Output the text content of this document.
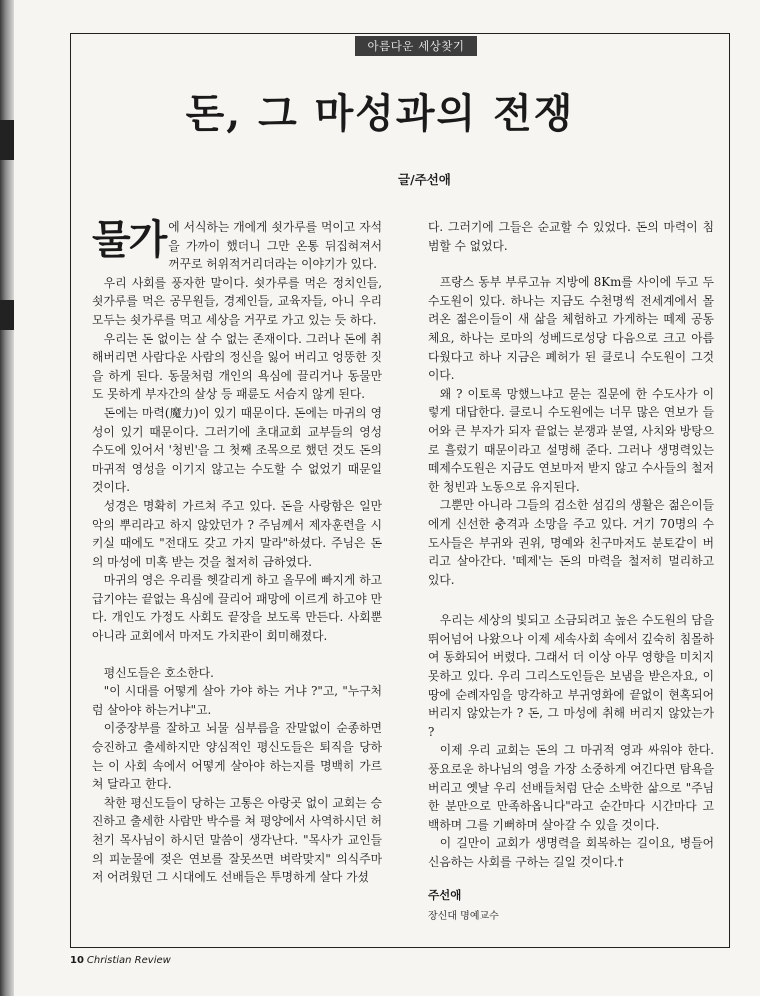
아름다운 세상찾기
돈, 그 마성과의 전쟁
글/주선애

물가 에 서식하는 개에게 쇳가루를 먹이고 자석을 가까이 했더니 그만 온통 뒤집혀져서 꺼꾸로 허위적거리더라는 이야기가 있다.

우리 사회를 풍자한 말이다. 쇳가루를 먹은 정치인들, 쇳가루를 먹은 공무원들, 경제인들, 교육자들, 아니 우리 모두는 쇳가루를 먹고 세상을 거꾸로 가고 있는 듯 하다.

우리는 돈 없이는 살 수 없는 존재이다. 그러나 돈에 취해버리면 사람다운 사람의 정신을 잃어 버리고 엉뚱한 짓을 하게 된다. 동물처럼 개인의 욕심에 끌리거나 동물만도 못하게 부자간의 살상 등 패륜도 서슴지 않게 된다.

돈에는 마력(魔力)이 있기 때문이다. 돈에는 마귀의 영성이 있기 때문이다. 그러기에 초대교회 교부들의 영성 수도에 있어서 '청빈'을 그 첫째 조목으로 했던 것도 돈의 마귀적 영성을 이기지 않고는 수도할 수 없었기 때문일 것이다.

성경은 명확히 가르쳐 주고 있다. 돈을 사랑함은 일만악의 뿌리라고 하지 않았던가 ? 주님께서 제자훈련을 시키실 때에도 "전대도 갖고 가지 말라"하셨다. 주님은 돈의 마성에 미혹 받는 것을 철저히 금하였다.

마귀의 영은 우리를 헷갈리게 하고 올무에 빠지게 하고 급기야는 끝없는 욕심에 끌리어 패망에 이르게 하고야 만다. 개인도 가정도 사회도 끝장을 보도록 만든다. 사회뿐 아니라 교회에서 마저도 가치관이 회미해졌다.

평신도들은 호소한다.

"이 시대를 어떻게 살아 가야 하는 거냐 ?"고, "누구처럼 살아야 하는거냐"고.

이중장부를 잘하고 뇌물 심부름을 잔말없이 순종하면 승진하고 출세하지만 양심적인 평신도들은 퇴직을 당하는 이 사회 속에서 어떻게 살아야 하는지를 명백히 가르쳐 달라고 한다.

착한 평신도들이 당하는 고통은 아랑곳 없이 교회는 승진하고 출세한 사람만 박수를 쳐 평양에서 사역하시던 허천기 목사님이 하시던 말씀이 생각난다. "목사가 교인들의 피눈물에 젖은 연보를 잘못쓰면 벼락맞지" 의식주마저 어려웠던 그 시대에도 선배들은 투명하게 살다 가셨

다. 그러기에 그들은 순교할 수 있었다. 돈의 마력이 침범할 수 없었다.

프랑스 동부 부루고뉴 지방에 8Km를 사이에 두고 두 수도원이 있다. 하나는 지금도 수천명씩 전세계에서 몰려온 젊은이들이 새 삶을 체험하고 가게하는 떼제 공동체요, 하나는 로마의 성베드로성당 다음으로 크고 아름다웠다고 하나 지금은 폐허가 된 클로니 수도원이 그것이다.

왜 ? 이토록 망했느냐고 묻는 질문에 한 수도사가 이렇게 대답한다. 클로니 수도원에는 너무 많은 연보가 들어와 큰 부자가 되자 끝없는 분쟁과 분열, 사치와 방탕으로 흘렀기 때문이라고 설명해 준다. 그러나 생명력있는 떼제수도원은 지금도 연보마저 받지 않고 수사들의 철저한 청빈과 노동으로 유지된다.

그뿐만 아니라 그들의 검소한 섬김의 생활은 젊은이들에게 신선한 충격과 소망을 주고 있다. 거기 70명의 수도사들은 부귀와 권위, 명예와 친구마저도 분토같이 버리고 살아간다. '떼제'는 돈의 마력을 철저히 멀리하고 있다.

우리는 세상의 빛되고 소금되려고 높은 수도원의 담을 뛰어넘어 나왔으나 이제 세속사회 속에서 깊숙히 침몰하여 동화되어 버렸다. 그래서 더 이상 아무 영향을 미치지 못하고 있다. 우리 그리스도인들은 보냄을 받은자요, 이땅에 순례자임을 망각하고 부귀영화에 끝없이 현혹되어 버리지 않았는가 ? 돈, 그 마성에 취해 버리지 않았는가 ?

이제 우리 교회는 돈의 그 마귀적 영과 싸워야 한다. 풍요로운 하나님의 영을 가장 소중하게 여긴다면 탐욕을 버리고 옛날 우리 선배들처럼 단순 소박한 삶으로 "주님 한 분만으로 만족하옵니다"라고 순간마다 시간마다 고백하며 그를 기뻐하며 살아갈 수 있을 것이다.

이 길만이 교회가 생명력을 회복하는 길이요, 병들어 신음하는 사회를 구하는 길일 것이다.†

주선애
장신대 명예교수
10 Christian Review
